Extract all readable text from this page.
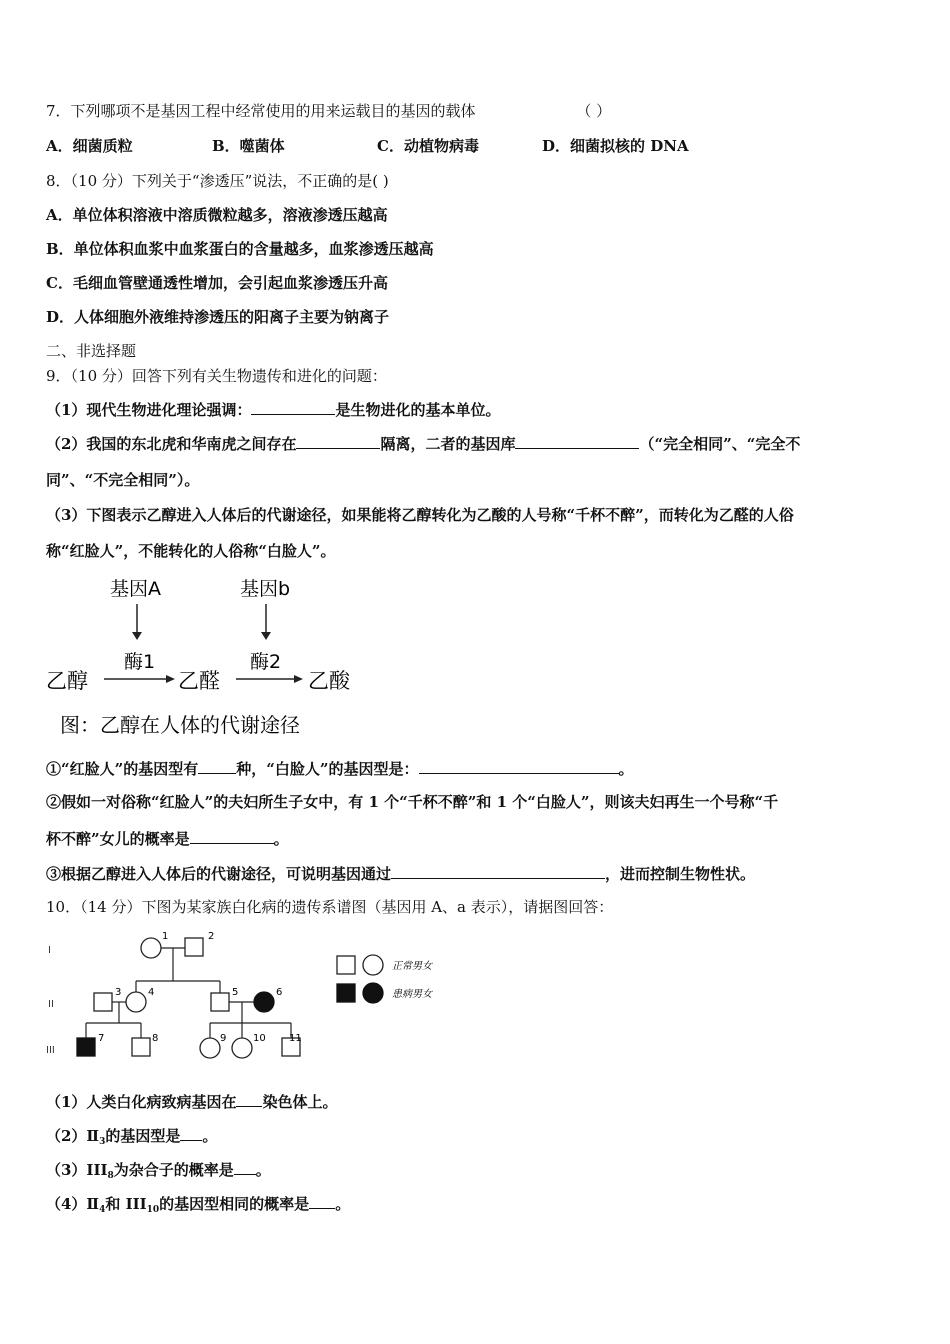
7．下列哪项不是基因工程中经常使用的用来运载目的基因的载体	（ ）
A．细菌质粒	B．噬菌体	C．动植物病毒	D．细菌拟核的 DNA
8．（10 分）下列关于“渗透压”说法，不正确的是( )
A．单位体积溶液中溶质微粒越多，溶液渗透压越高
B．单位体积血浆中血浆蛋白的含量越多，血浆渗透压越高
C．毛细血管壁通透性增加，会引起血浆渗透压升高
D．人体细胞外液维持渗透压的阳离子主要为钠离子
二、非选择题
9．（10 分）回答下列有关生物遗传和进化的问题：
（1）现代生物进化理论强调：	是生物进化的基本单位。
（2）我国的东北虎和华南虎之间存在	隔离，二者的基因库	（“完全相同”、“完全不
同”、“不完全相同”）。
（3）下图表示乙醇进入人体后的代谢途径，如果能将乙醇转化为乙酸的人号称“千杯不醉”，而转化为乙醛的人俗
称“红脸人”，不能转化的人俗称“白脸人”。
基因A	基因b
酶1	酶2
乙醇	乙醛	乙酸
图：乙醇在人体的代谢途径
①“红脸人”的基因型有	种，“白脸人”的基因型是：	。
②假如一对俗称“红脸人”的夫妇所生子女中，有 1 个“千杯不醉”和 1 个“白脸人”，则该夫妇再生一个号称“千
杯不醉”女儿的概率是	。
③根据乙醇进入人体后的代谢途径，可说明基因通过	，进而控制生物性状。
10．（14 分）下图为某家族白化病的遗传系谱图（基因用 A、a 表示），请据图回答：
I
II
III
1	2
3	4	5	6
7	8	9	10 11
正常男女
患病男女
（1）人类白化病致病基因在 染色体上。
$(2)Ⅱ_3$的基因型是 。
$(3)III_8$为杂合子的概率是 。
$(4)Ⅱ_4$和 $III_{10}$的基因型相同的概率是 。
